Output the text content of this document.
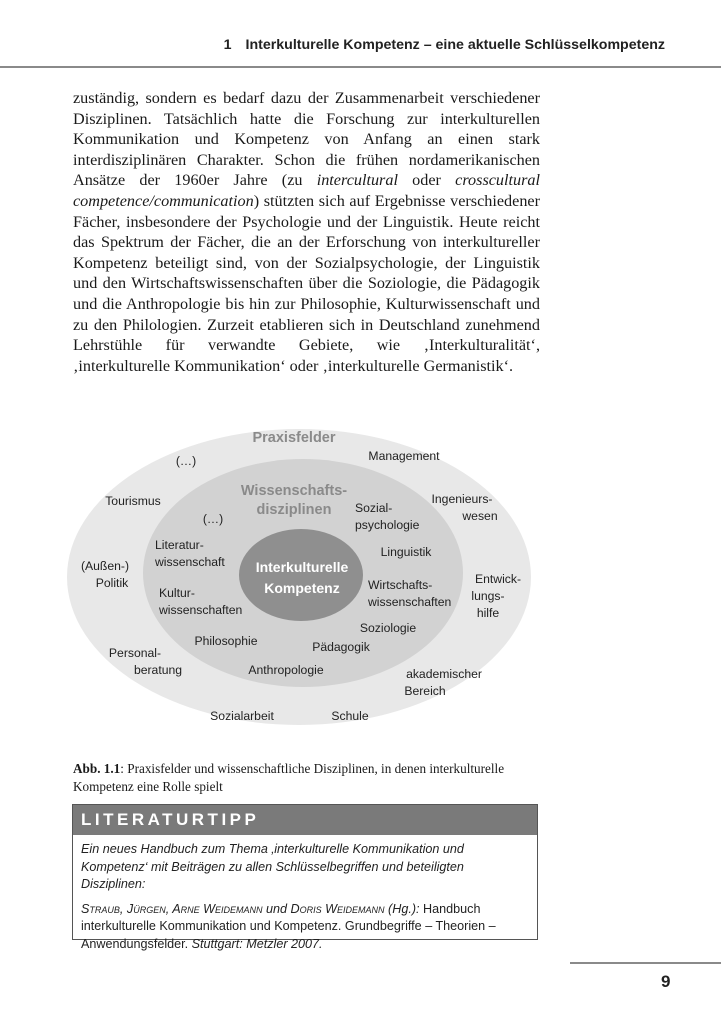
1 Interkulturelle Kompetenz – eine aktuelle Schlüsselkompetenz

zuständig, sondern es bedarf dazu der Zusammenarbeit verschiedener Disziplinen. Tatsächlich hatte die Forschung zur interkulturellen Kommunikation und Kompetenz von Anfang an einen stark interdisziplinären Charakter. Schon die frühen nordamerikanischen Ansätze der 1960er Jahre (zu intercultural oder crosscultural competence/communication) stützten sich auf Ergebnisse verschiedener Fächer, insbesondere der Psychologie und der Linguistik. Heute reicht das Spektrum der Fächer, die an der Erforschung von interkultureller Kompetenz beteiligt sind, von der Sozialpsychologie, der Linguistik und den Wirtschaftswissenschaften über die Soziologie, die Pädagogik und die Anthropologie bis hin zur Philosophie, Kulturwissenschaft und zu den Philologien. Zurzeit etablieren sich in Deutschland zunehmend Lehrstühle für verwandte Gebiete, wie ‚Interkulturalität‘, ‚interkulturelle Kommunikation‘ oder ‚interkulturelle Germanistik‘.

Praxisfelder
(…)	Management
Tourismus	Ingenieurs-
wesen
(Außen-)
Politik	Entwick-
lungs-
hilfe
Personal-
beratung	akademischer
Bereich
Sozialarbeit	Schule
Wissenschafts-
disziplinen
(…)
Sozial-
psychologie
Literatur-
wissenschaft
Linguistik
Kultur-
wissenschaften
Wirtschafts-
wissenschaften
Soziologie
Philosophie	Pädagogik
Anthropologie
Interkulturelle
Kompetenz
Abb. 1.1: Praxisfelder und wissenschaftliche Disziplinen, in denen interkulturelle Kompetenz eine Rolle spielt
LITERATURTIPP

Ein neues Handbuch zum Thema ‚interkulturelle Kommunikation und Kompetenz‘ mit Beiträgen zu allen Schlüsselbegriffen und beteiligten Disziplinen:

Straub, Jürgen, Arne Weidemann und Doris Weidemann (Hg.): Handbuch interkulturelle Kommunikation und Kompetenz. Grundbegriffe – Theorien – Anwendungsfelder. Stuttgart: Metzler 2007.

9
